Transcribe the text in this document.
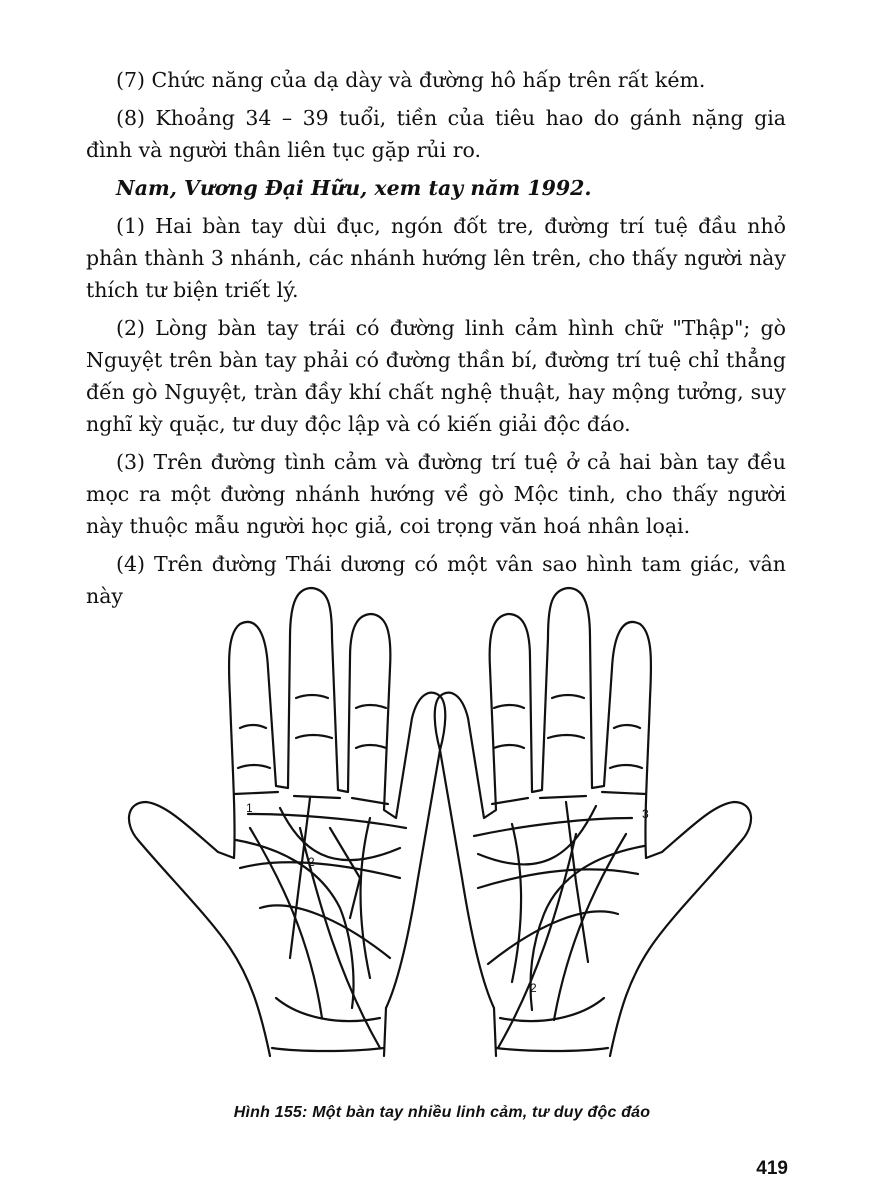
(7) Chức năng của dạ dày và đường hô hấp trên rất kém.

(8) Khoảng 34 – 39 tuổi, tiền của tiêu hao do gánh nặng gia đình và người thân liên tục gặp rủi ro.

Nam, Vương Đại Hữu, xem tay năm 1992.

(1) Hai bàn tay dùi đục, ngón đốt tre, đường trí tuệ đầu nhỏ phân thành 3 nhánh, các nhánh hướng lên trên, cho thấy người này thích tư biện triết lý.

(2) Lòng bàn tay trái có đường linh cảm hình chữ "Thập"; gò Nguyệt trên bàn tay phải có đường thần bí, đường trí tuệ chỉ thẳng đến gò Nguyệt, tràn đầy khí chất nghệ thuật, hay mộng tưởng, suy nghĩ kỳ quặc, tư duy độc lập và có kiến giải độc đáo.

(3) Trên đường tình cảm và đường trí tuệ ở cả hai bàn tay đều mọc ra một đường nhánh hướng về gò Mộc tinh, cho thấy người này thuộc mẫu người học giả, coi trọng văn hoá nhân loại.

(4) Trên đường Thái dương có một vân sao hình tam giác, vân này

1
2
2
3
Hình 155: Một bàn tay nhiều linh cảm, tư duy độc đáo
419
